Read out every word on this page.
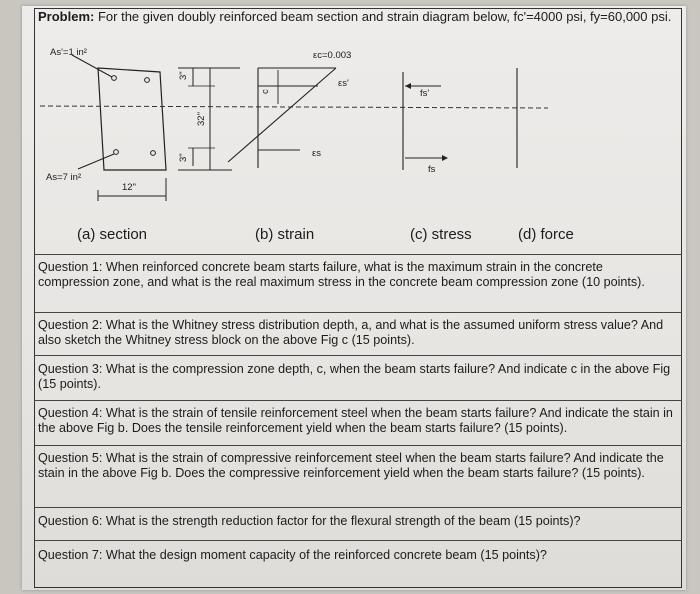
Problem: For the given doubly reinforced beam section and strain diagram below, fc'=4000 psi, fy=60,000 psi.
As'=1 in²
As=7 in²
12"
3"
32"
3"
εc=0.003
εs'
c
εs
fs'
fs
(a) section	(b) strain	(c) stress	(d) force
Question 1: When reinforced concrete beam starts failure, what is the maximum strain in the concrete compression zone, and what is the real maximum stress in the concrete beam compression zone (10 points).
Question 2: What is the Whitney stress distribution depth, a, and what is the assumed uniform stress value? And also sketch the Whitney stress block on the above Fig c (15 points).
Question 3: What is the compression zone depth, c, when the beam starts failure? And indicate c in the above Fig (15 points).
Question 4: What is the strain of tensile reinforcement steel when the beam starts failure? And indicate the stain in the above Fig b. Does the tensile reinforcement yield when the beam starts failure? (15 points).
Question 5: What is the strain of compressive reinforcement steel when the beam starts failure? And indicate the stain in the above Fig b. Does the compressive reinforcement yield when the beam starts failure? (15 points).
Question 6: What is the strength reduction factor for the flexural strength of the beam (15 points)?
Question 7: What the design moment capacity of the reinforced concrete beam (15 points)?
